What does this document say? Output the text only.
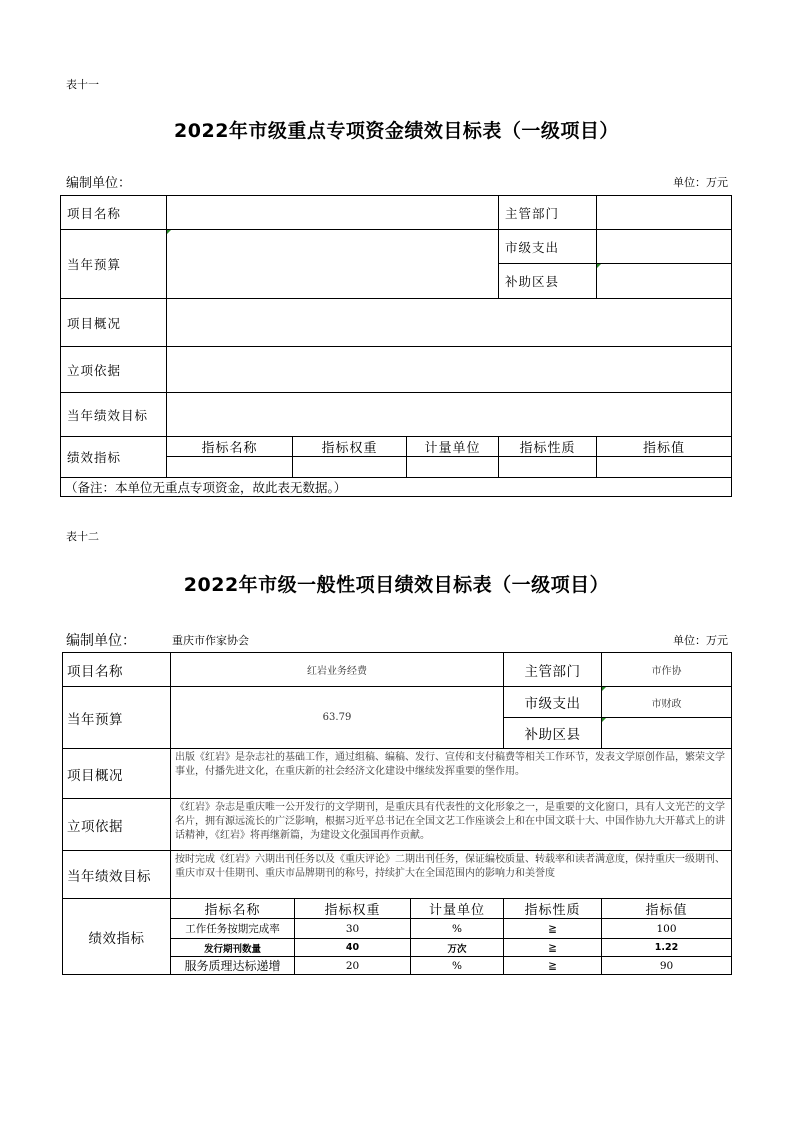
表十一
2022年市级重点专项资金绩效目标表（一级项目）
编制单位：	单位：万元
项目名称				主管部门	
当年预算				市级支出	
				补助区县	

项目概况					
立项依据					
当年绩效目标					
绩效指标	指标名称	指标权重	计量单位	指标性质	指标值

（备注：本单位无重点专项资金，故此表无数据。）					
表十二
2022年市级一般性项目绩效目标表（一级项目）
编制单位：	重庆市作家协会	单位：万元
项目名称	红岩业务经费			主管部门	市作协
当年预算	63.79			市级支出	市财政
				补助区县	

项目概况	出版《红岩》是杂志社的基础工作，通过组稿、编稿、发行、宣传和支付稿费等相关工作环节，发表文学原创作品，繁荣文学事业，付播先进文化，在重庆新的社会经济文化建设中继续发挥重要的堡作用。				
立项依据	《红岩》杂志是重庆唯一公开发行的文学期刊，是重庆具有代表性的文化形象之一，是重要的文化窗口，具有人文光芒的文学名片，拥有源远流长的广泛影响，根据习近平总书记在全国文艺工作座谈会上和在中国文联十大、中国作协九大开幕式上的讲话精神，《红岩》将再继新篇，为建设文化强国再作贡献。				
当年绩效目标	按时完成《红岩》六期出刊任务以及《重庆评论》二期出刊任务，保证编校质量、转载率和读者满意度，保持重庆一级期刊、重庆市双十佳期刊、重庆市品牌期刊的称号，持续扩大在全国范围内的影响力和美誉度				
绩效指标	指标名称	指标权重	计量单位	指标性质	指标值
	工作任务按期完成率	30	%	≧	100
	发行期刊数量	40	万次	≧	1.22
	服务质理达标递增	20	%	≧	90
